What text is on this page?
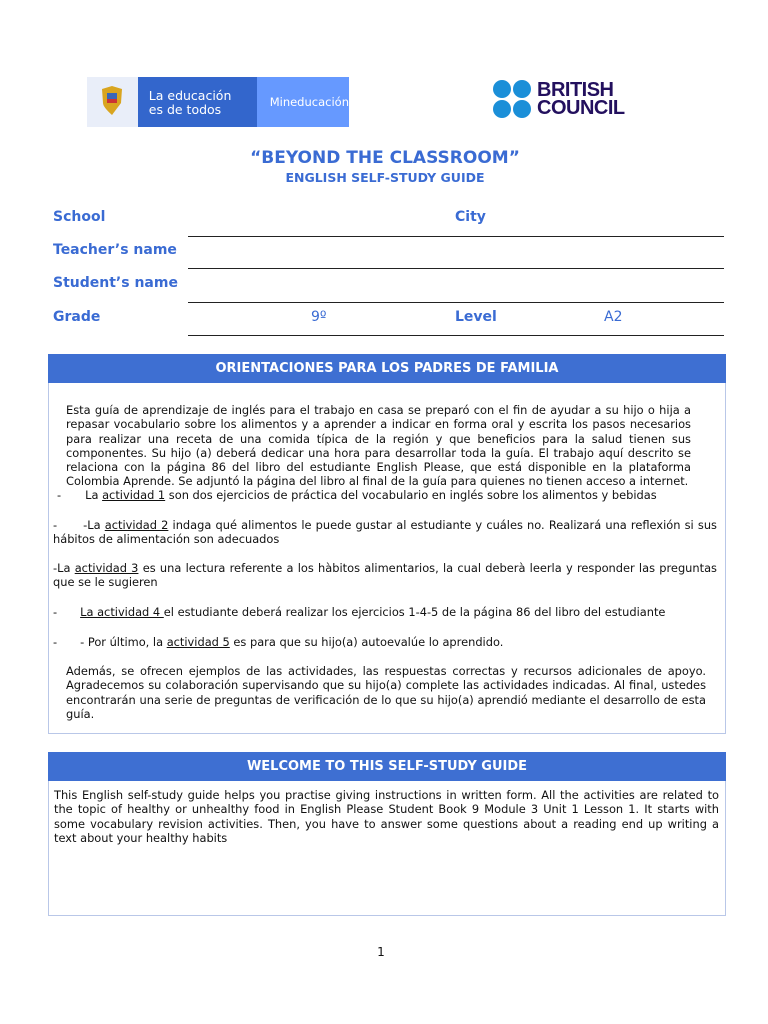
La educación
es de todos	Mineducación
BRITISH
COUNCIL
“BEYOND THE CLASSROOM”
ENGLISH SELF-STUDY GUIDE
School	City
Teacher’s name
Student’s name
Grade	9º	Level	A2
ORIENTACIONES PARA LOS PADRES DE FAMILIA
Esta guía de aprendizaje de inglés para el trabajo en casa se preparó con el fin de ayudar a su hijo o hija a repasar vocabulario sobre los alimentos y a aprender a indicar en forma oral y escrita los pasos necesarios para realizar una receta de una comida típica de la región y que beneficios para la salud tienen sus componentes. Su hijo (a) deberá dedicar una hora para desarrollar toda la guía. El trabajo aquí descrito se relaciona con la página 86 del libro del estudiante English Please, que está disponible en la plataforma Colombia Aprende. Se adjuntó la página del libro al final de la guía para quienes no tienen acceso a internet.
- La actividad 1 son dos ejercicios de práctica del vocabulario en inglés sobre los alimentos y bebidas
- -La actividad 2 indaga qué alimentos le puede gustar al estudiante y cuáles no. Realizará una reflexión si sus hábitos de alimentación son adecuados
-La actividad 3 es una lectura referente a los hàbitos alimentarios, la cual deberà leerla y responder las preguntas que se le sugieren
- La actividad 4 el estudiante deberá realizar los ejercicios 1-4-5 de la página 86 del libro del estudiante
- - Por último, la actividad 5 es para que su hijo(a) autoevalúe lo aprendido.
Además, se ofrecen ejemplos de las actividades, las respuestas correctas y recursos adicionales de apoyo. Agradecemos su colaboración supervisando que su hijo(a) complete las actividades indicadas. Al final, ustedes encontrarán una serie de preguntas de verificación de lo que su hijo(a) aprendió mediante el desarrollo de esta guía.
WELCOME TO THIS SELF-STUDY GUIDE
This English self-study guide helps you practise giving instructions in written form. All the activities are related to the topic of healthy or unhealthy food in English Please Student Book 9 Module 3 Unit 1 Lesson 1. It starts with some vocabulary revision activities. Then, you have to answer some questions about a reading end up writing a text about your healthy habits
1
